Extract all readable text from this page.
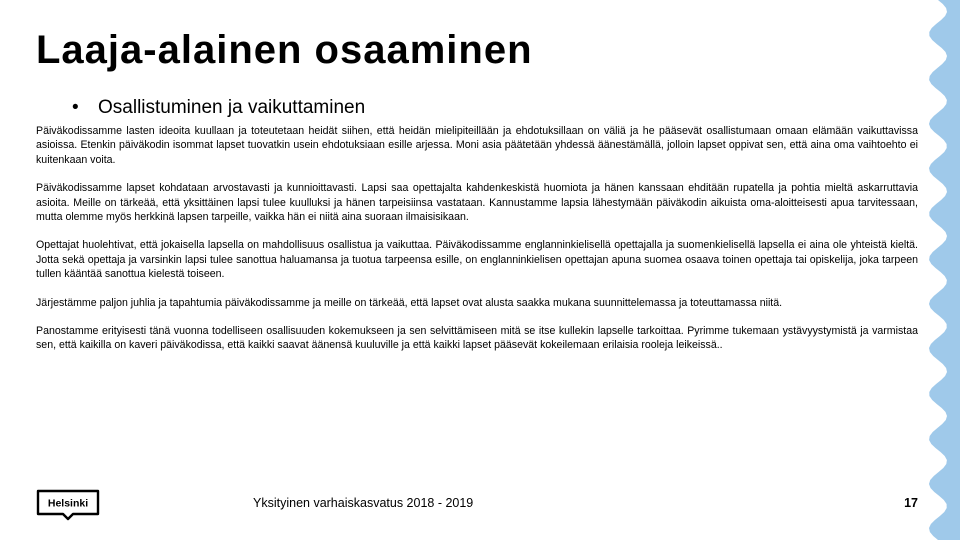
Laaja-alainen osaaminen
• Osallistuminen ja vaikuttaminen

Päiväkodissamme lasten ideoita kuullaan ja toteutetaan heidät siihen, että heidän mielipiteillään ja ehdotuksillaan on väliä ja he pääsevät osallistumaan omaan elämään vaikuttavissa asioissa. Etenkin päiväkodin isommat lapset tuovatkin usein ehdotuksiaan esille arjessa. Moni asia päätetään yhdessä äänestämällä, jolloin lapset oppivat sen, että aina oma vaihtoehto ei kuitenkaan voita.

Päiväkodissamme lapset kohdataan arvostavasti ja kunnioittavasti. Lapsi saa opettajalta kahdenkeskistä huomiota ja hänen kanssaan ehditään rupatella ja pohtia mieltä askarruttavia asioita. Meille on tärkeää, että yksittäinen lapsi tulee kuulluksi ja hänen tarpeisiinsa vastataan. Kannustamme lapsia lähestymään päiväkodin aikuista oma-aloitteisesti apua tarvitessaan, mutta olemme myös herkkinä lapsen tarpeille, vaikka hän ei niitä aina suoraan ilmaisisikaan.

Opettajat huolehtivat, että jokaisella lapsella on mahdollisuus osallistua ja vaikuttaa. Päiväkodissamme englanninkielisellä opettajalla ja suomenkielisellä lapsella ei aina ole yhteistä kieltä. Jotta sekä opettaja ja varsinkin lapsi tulee sanottua haluamansa ja tuotua tarpeensa esille, on englanninkielisen opettajan apuna suomea osaava toinen opettaja tai opiskelija, joka tarpeen tullen kääntää sanottua kielestä toiseen.

Järjestämme paljon juhlia ja tapahtumia päiväkodissamme ja meille on tärkeää, että lapset ovat alusta saakka mukana suunnittelemassa ja toteuttamassa niitä.

Panostamme erityisesti tänä vuonna todelliseen osallisuuden kokemukseen ja sen selvittämiseen mitä se itse kullekin lapselle tarkoittaa. Pyrimme tukemaan ystävyystymistä ja varmistaa sen, että kaikilla on kaveri päiväkodissa, että kaikki saavat äänensä kuuluville ja että kaikki lapset pääsevät kokeilemaan erilaisia rooleja leikeissä..

Helsinki	Yksityinen varhaiskasvatus 2018 - 2019	17
